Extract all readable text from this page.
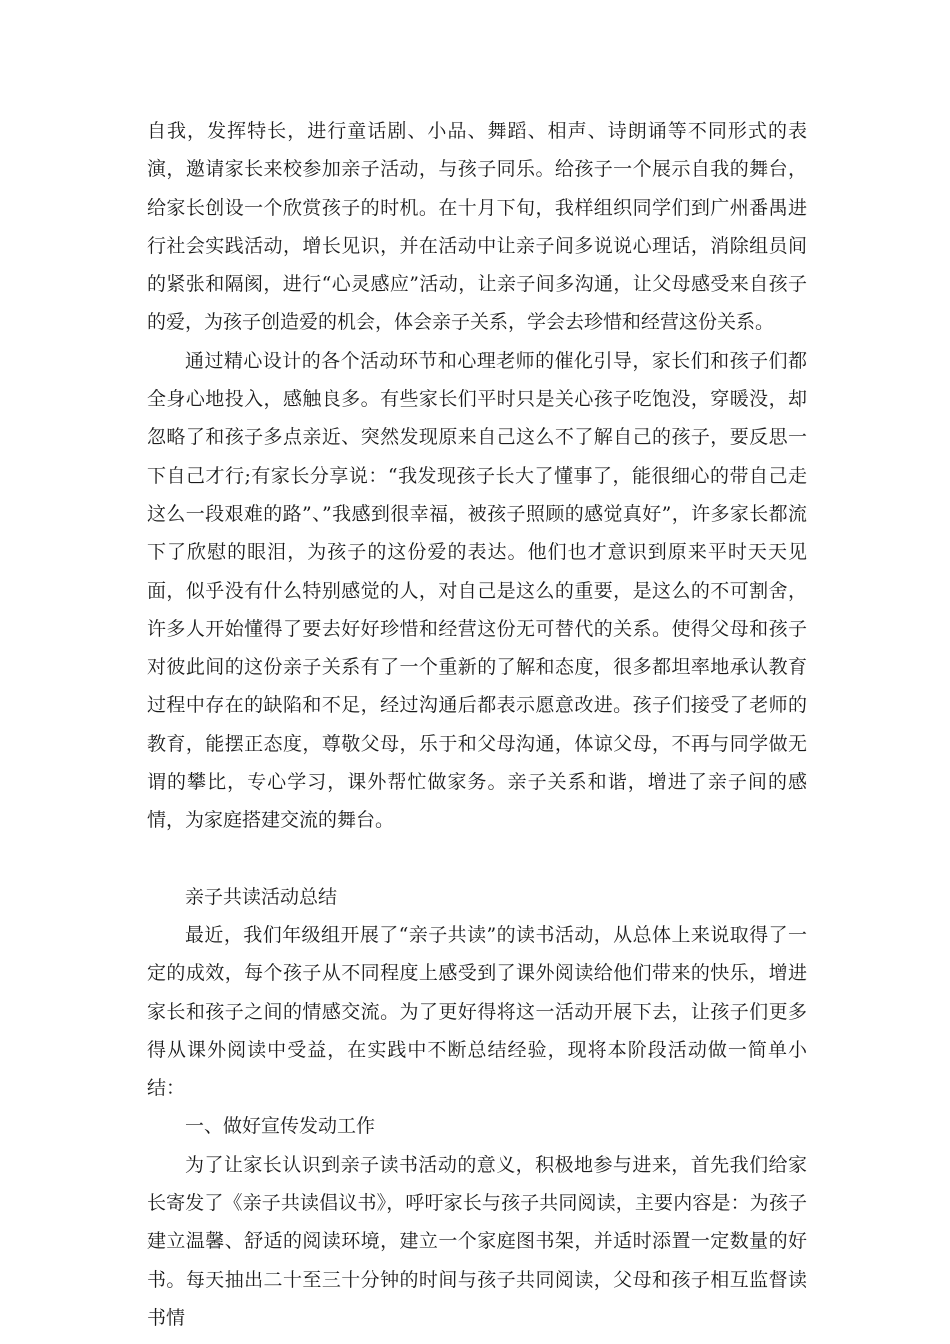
自我，发挥特长，进行童话剧、小品、舞蹈、相声、诗朗诵等不同形式的表演，邀请家长来校参加亲子活动，与孩子同乐。给孩子一个展示自我的舞台，给家长创设一个欣赏孩子的时机。在十月下旬，我样组织同学们到广州番禺进行社会实践活动，增长见识，并在活动中让亲子间多说说心理话，消除组员间的紧张和隔阂，进行“心灵感应”活动，让亲子间多沟通，让父母感受来自孩子的爱，为孩子创造爱的机会，体会亲子关系，学会去珍惜和经营这份关系。

通过精心设计的各个活动环节和心理老师的催化引导，家长们和孩子们都全身心地投入，感触良多。有些家长们平时只是关心孩子吃饱没，穿暖没，却忽略了和孩子多点亲近、突然发现原来自己这么不了解自己的孩子，要反思一下自己才行;有家长分享说：“我发现孩子长大了懂事了，能很细心的带自己走这么一段艰难的路”、”我感到很幸福，被孩子照顾的感觉真好”，许多家长都流下了欣慰的眼泪，为孩子的这份爱的表达。他们也才意识到原来平时天天见面，似乎没有什么特别感觉的人，对自己是这么的重要，是这么的不可割舍，许多人开始懂得了要去好好珍惜和经营这份无可替代的关系。使得父母和孩子对彼此间的这份亲子关系有了一个重新的了解和态度，很多都坦率地承认教育过程中存在的缺陷和不足，经过沟通后都表示愿意改进。孩子们接受了老师的教育，能摆正态度，尊敬父母，乐于和父母沟通，体谅父母，不再与同学做无谓的攀比，专心学习，课外帮忙做家务。亲子关系和谐，增进了亲子间的感情，为家庭搭建交流的舞台。

亲子共读活动总结

最近，我们年级组开展了“亲子共读”的读书活动，从总体上来说取得了一定的成效，每个孩子从不同程度上感受到了课外阅读给他们带来的快乐，增进家长和孩子之间的情感交流。为了更好得将这一活动开展下去，让孩子们更多得从课外阅读中受益，在实践中不断总结经验，现将本阶段活动做一简单小结：

一、做好宣传发动工作

为了让家长认识到亲子读书活动的意义，积极地参与进来，首先我们给家长寄发了《亲子共读倡议书》，呼吁家长与孩子共同阅读，主要内容是：为孩子建立温馨、舒适的阅读环境，建立一个家庭图书架，并适时添置一定数量的好书。每天抽出二十至三十分钟的时间与孩子共同阅读，父母和孩子相互监督读书情
